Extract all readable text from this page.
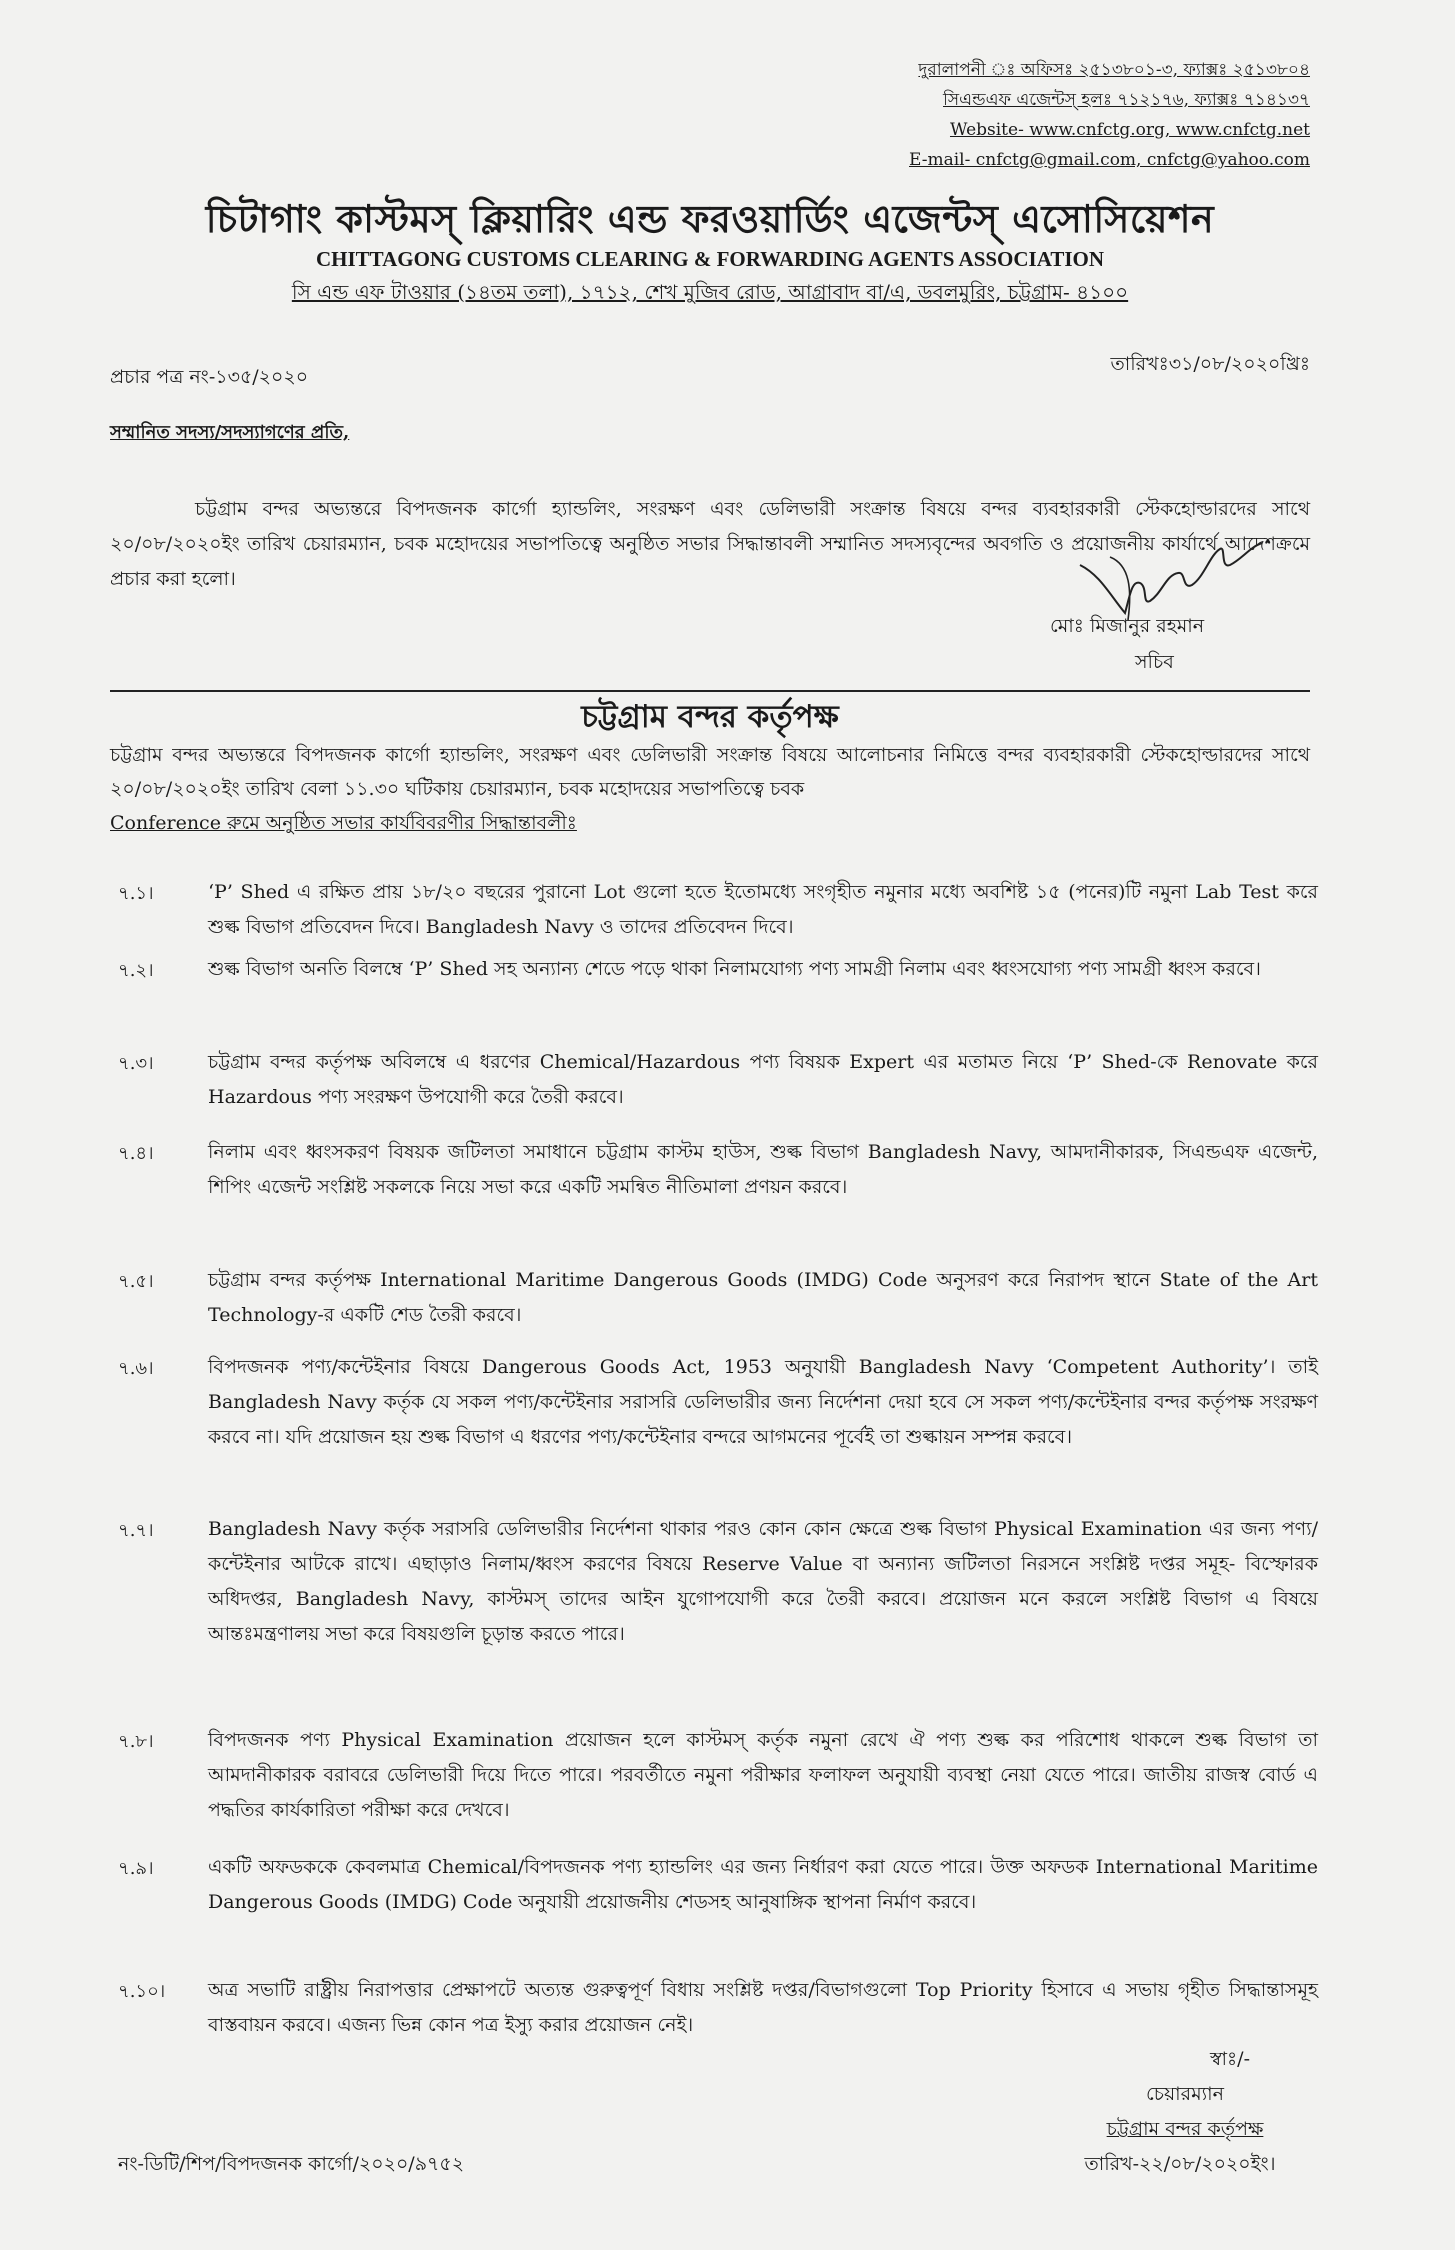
দুরালাপনী ঃ অফিসঃ ২৫১৩৮০১-৩, ফ্যাক্সঃ ২৫১৩৮০৪
সিএন্ডএফ এজেন্টস্ হলঃ ৭১২১৭৬, ফ্যাক্সঃ ৭১৪১৩৭
Website- www.cnfctg.org, www.cnfctg.net
E-mail- cnfctg@gmail.com, cnfctg@yahoo.com
চিটাগাং কাস্টমস্ ক্লিয়ারিং এন্ড ফরওয়ার্ডিং এজেন্টস্ এসোসিয়েশন
CHITTAGONG CUSTOMS CLEARING & FORWARDING AGENTS ASSOCIATION
সি এন্ড এফ টাওয়ার (১৪তম তলা), ১৭১২, শেখ মুজিব রোড, আগ্রাবাদ বা/এ, ডবলমুরিং, চট্টগ্রাম- ৪১০০
প্রচার পত্র নং-১৩৫/২০২০
তারিখঃ৩১/০৮/২০২০খ্রিঃ
সম্মানিত সদস্য/সদস্যাগণের প্রতি,
চট্টগ্রাম বন্দর অভ্যন্তরে বিপদজনক কার্গো হ্যান্ডলিং, সংরক্ষণ এবং ডেলিভারী সংক্রান্ত বিষয়ে বন্দর ব্যবহারকারী স্টেকহোল্ডারদের সাথে ২০/০৮/২০২০ইং তারিখ চেয়ারম্যান, চবক মহোদয়ের সভাপতিত্বে অনুষ্ঠিত সভার সিদ্ধান্তাবলী সম্মানিত সদস্যবৃন্দের অবগতি ও প্রয়োজনীয় কার্যার্থে আদেশক্রমে প্রচার করা হলো।
মোঃ মিজানুর রহমান
সচিব
চট্টগ্রাম বন্দর কর্তৃপক্ষ
চট্টগ্রাম বন্দর অভ্যন্তরে বিপদজনক কার্গো হ্যান্ডলিং, সংরক্ষণ এবং ডেলিভারী সংক্রান্ত বিষয়ে আলোচনার নিমিত্তে বন্দর ব্যবহারকারী স্টেকহোল্ডারদের সাথে ২০/০৮/২০২০ইং তারিখ বেলা ১১.৩০ ঘটিকায় চেয়ারম্যান, চবক মহোদয়ের সভাপতিত্বে চবক
Conference রুমে অনুষ্ঠিত সভার কার্যবিবরণীর সিদ্ধান্তাবলীঃ
৭.১।	‘P’ Shed এ রক্ষিত প্রায় ১৮/২০ বছরের পুরানো Lot গুলো হতে ইতোমধ্যে সংগৃহীত নমুনার মধ্যে অবশিষ্ট ১৫ (পনের)টি নমুনা Lab Test করে শুল্ক বিভাগ প্রতিবেদন দিবে। Bangladesh Navy ও তাদের প্রতিবেদন দিবে।
৭.২।	শুল্ক বিভাগ অনতি বিলম্বে ‘P’ Shed সহ অন্যান্য শেডে পড়ে থাকা নিলামযোগ্য পণ্য সামগ্রী নিলাম এবং ধ্বংসযোগ্য পণ্য সামগ্রী ধ্বংস করবে।
৭.৩।	চট্টগ্রাম বন্দর কর্তৃপক্ষ অবিলম্বে এ ধরণের Chemical/Hazardous পণ্য বিষয়ক Expert এর মতামত নিয়ে ‘P’ Shed-কে Renovate করে Hazardous পণ্য সংরক্ষণ উপযোগী করে তৈরী করবে।
৭.৪।	নিলাম এবং ধ্বংসকরণ বিষয়ক জটিলতা সমাধানে চট্টগ্রাম কাস্টম হাউস, শুল্ক বিভাগ Bangladesh Navy, আমদানীকারক, সিএন্ডএফ এজেন্ট, শিপিং এজেন্ট সংশ্লিষ্ট সকলকে নিয়ে সভা করে একটি সমন্বিত নীতিমালা প্রণয়ন করবে।
৭.৫।	চট্টগ্রাম বন্দর কর্তৃপক্ষ International Maritime Dangerous Goods (IMDG) Code অনুসরণ করে নিরাপদ স্থানে State of the Art Technology-র একটি শেড তৈরী করবে।
৭.৬।	বিপদজনক পণ্য/কন্টেইনার বিষয়ে Dangerous Goods Act, 1953 অনুযায়ী Bangladesh Navy ‘Competent Authority’। তাই Bangladesh Navy কর্তৃক যে সকল পণ্য/কন্টেইনার সরাসরি ডেলিভারীর জন্য নির্দেশনা দেয়া হবে সে সকল পণ্য/কন্টেইনার বন্দর কর্তৃপক্ষ সংরক্ষণ করবে না। যদি প্রয়োজন হয় শুল্ক বিভাগ এ ধরণের পণ্য/কন্টেইনার বন্দরে আগমনের পূর্বেই তা শুল্কায়ন সম্পন্ন করবে।
৭.৭।	Bangladesh Navy কর্তৃক সরাসরি ডেলিভারীর নির্দেশনা থাকার পরও কোন কোন ক্ষেত্রে শুল্ক বিভাগ Physical Examination এর জন্য পণ্য/কন্টেইনার আটকে রাখে। এছাড়াও নিলাম/ধ্বংস করণের বিষয়ে Reserve Value বা অন্যান্য জটিলতা নিরসনে সংশ্লিষ্ট দপ্তর সমূহ- বিস্ফোরক অধিদপ্তর, Bangladesh Navy, কাস্টমস্ তাদের আইন যুগোপযোগী করে তৈরী করবে। প্রয়োজন মনে করলে সংশ্লিষ্ট বিভাগ এ বিষয়ে আন্তঃমন্ত্রণালয় সভা করে বিষয়গুলি চূড়ান্ত করতে পারে।
৭.৮।	বিপদজনক পণ্য Physical Examination প্রয়োজন হলে কাস্টমস্ কর্তৃক নমুনা রেখে ঐ পণ্য শুল্ক কর পরিশোধ থাকলে শুল্ক বিভাগ তা আমদানীকারক বরাবরে ডেলিভারী দিয়ে দিতে পারে। পরবর্তীতে নমুনা পরীক্ষার ফলাফল অনুযায়ী ব্যবস্থা নেয়া যেতে পারে। জাতীয় রাজস্ব বোর্ড এ পদ্ধতির কার্যকারিতা পরীক্ষা করে দেখবে।
৭.৯।	একটি অফডককে কেবলমাত্র Chemical/বিপদজনক পণ্য হ্যান্ডলিং এর জন্য নির্ধারণ করা যেতে পারে। উক্ত অফডক International Maritime Dangerous Goods (IMDG) Code অনুযায়ী প্রয়োজনীয় শেডসহ আনুষাঙ্গিক স্থাপনা নির্মাণ করবে।
৭.১০।	অত্র সভাটি রাষ্ট্রীয় নিরাপত্তার প্রেক্ষাপটে অত্যন্ত গুরুত্বপূর্ণ বিধায় সংশ্লিষ্ট দপ্তর/বিভাগগুলো Top Priority হিসাবে এ সভায় গৃহীত সিদ্ধান্তাসমূহ বাস্তবায়ন করবে। এজন্য ভিন্ন কোন পত্র ইস্যু করার প্রয়োজন নেই।
স্বাঃ/-
চেয়ারম্যান
চট্টগ্রাম বন্দর কর্তৃপক্ষ
তারিখ-২২/০৮/২০২০ইং।
নং-ডিটি/শিপ/বিপদজনক কার্গো/২০২০/৯৭৫২
